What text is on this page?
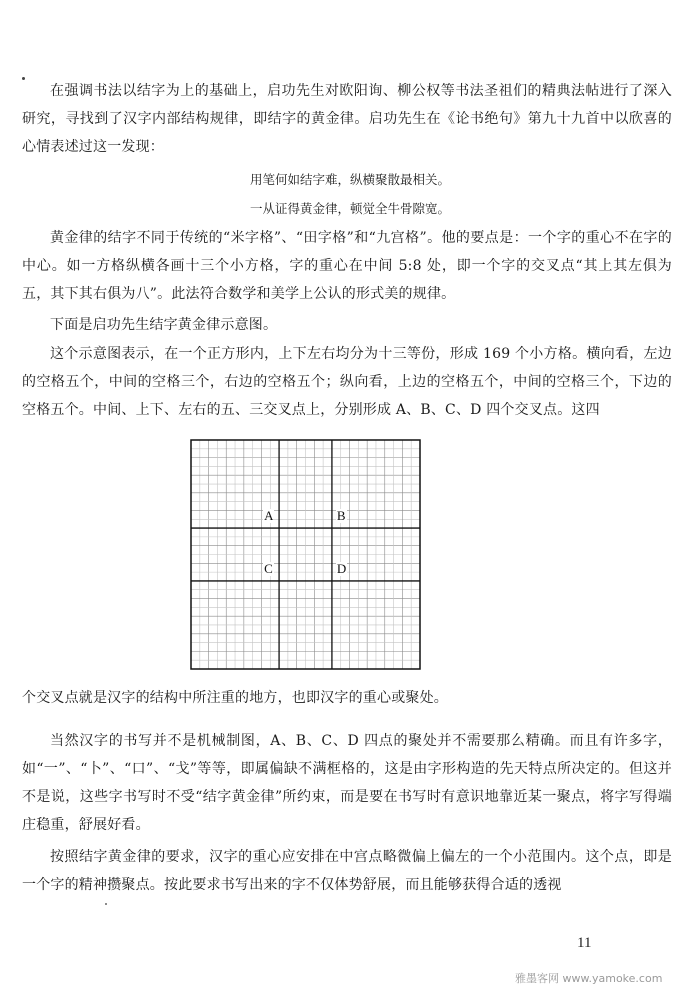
在强调书法以结字为上的基础上，启功先生对欧阳询、柳公权等书法圣祖们的精典法帖进行了深入研究，寻找到了汉字内部结构规律，即结字的黄金律。启功先生在《论书绝句》第九十九首中以欣喜的心情表述过这一发现：

用笔何如结字难，纵横聚散最相关。

一从证得黄金律，顿觉全牛骨隙宽。

黄金律的结字不同于传统的“米字格”、“田字格”和“九宫格”。他的要点是：一个字的重心不在字的中心。如一方格纵横各画十三个小方格，字的重心在中间 5:8 处，即一个字的交叉点“其上其左俱为五，其下其右俱为八”。此法符合数学和美学上公认的形式美的规律。

下面是启功先生结字黄金律示意图。

这个示意图表示，在一个正方形内，上下左右均分为十三等份，形成 169 个小方格。横向看，左边的空格五个，中间的空格三个，右边的空格五个；纵向看，上边的空格五个，中间的空格三个，下边的空格五个。中间、上下、左右的五、三交叉点上，分别形成 A、B、C、D 四个交叉点。这四

A	B
C	D

个交叉点就是汉字的结构中所注重的地方，也即汉字的重心或聚处。

当然汉字的书写并不是机械制图，A、B、C、D 四点的聚处并不需要那么精确。而且有许多字，如“一”、“卜”、“口”、“戈”等等，即属偏缺不满框格的，这是由字形构造的先天特点所决定的。但这并不是说，这些字书写时不受“结字黄金律”所约束，而是要在书写时有意识地靠近某一聚点，将字写得端庄稳重，舒展好看。

按照结字黄金律的要求，汉字的重心应安排在中宫点略微偏上偏左的一个小范围内。这个点，即是一个字的精神攒聚点。按此要求书写出来的字不仅体势舒展，而且能够获得合适的透视

11
雅墨客网 www.yamoke.com
